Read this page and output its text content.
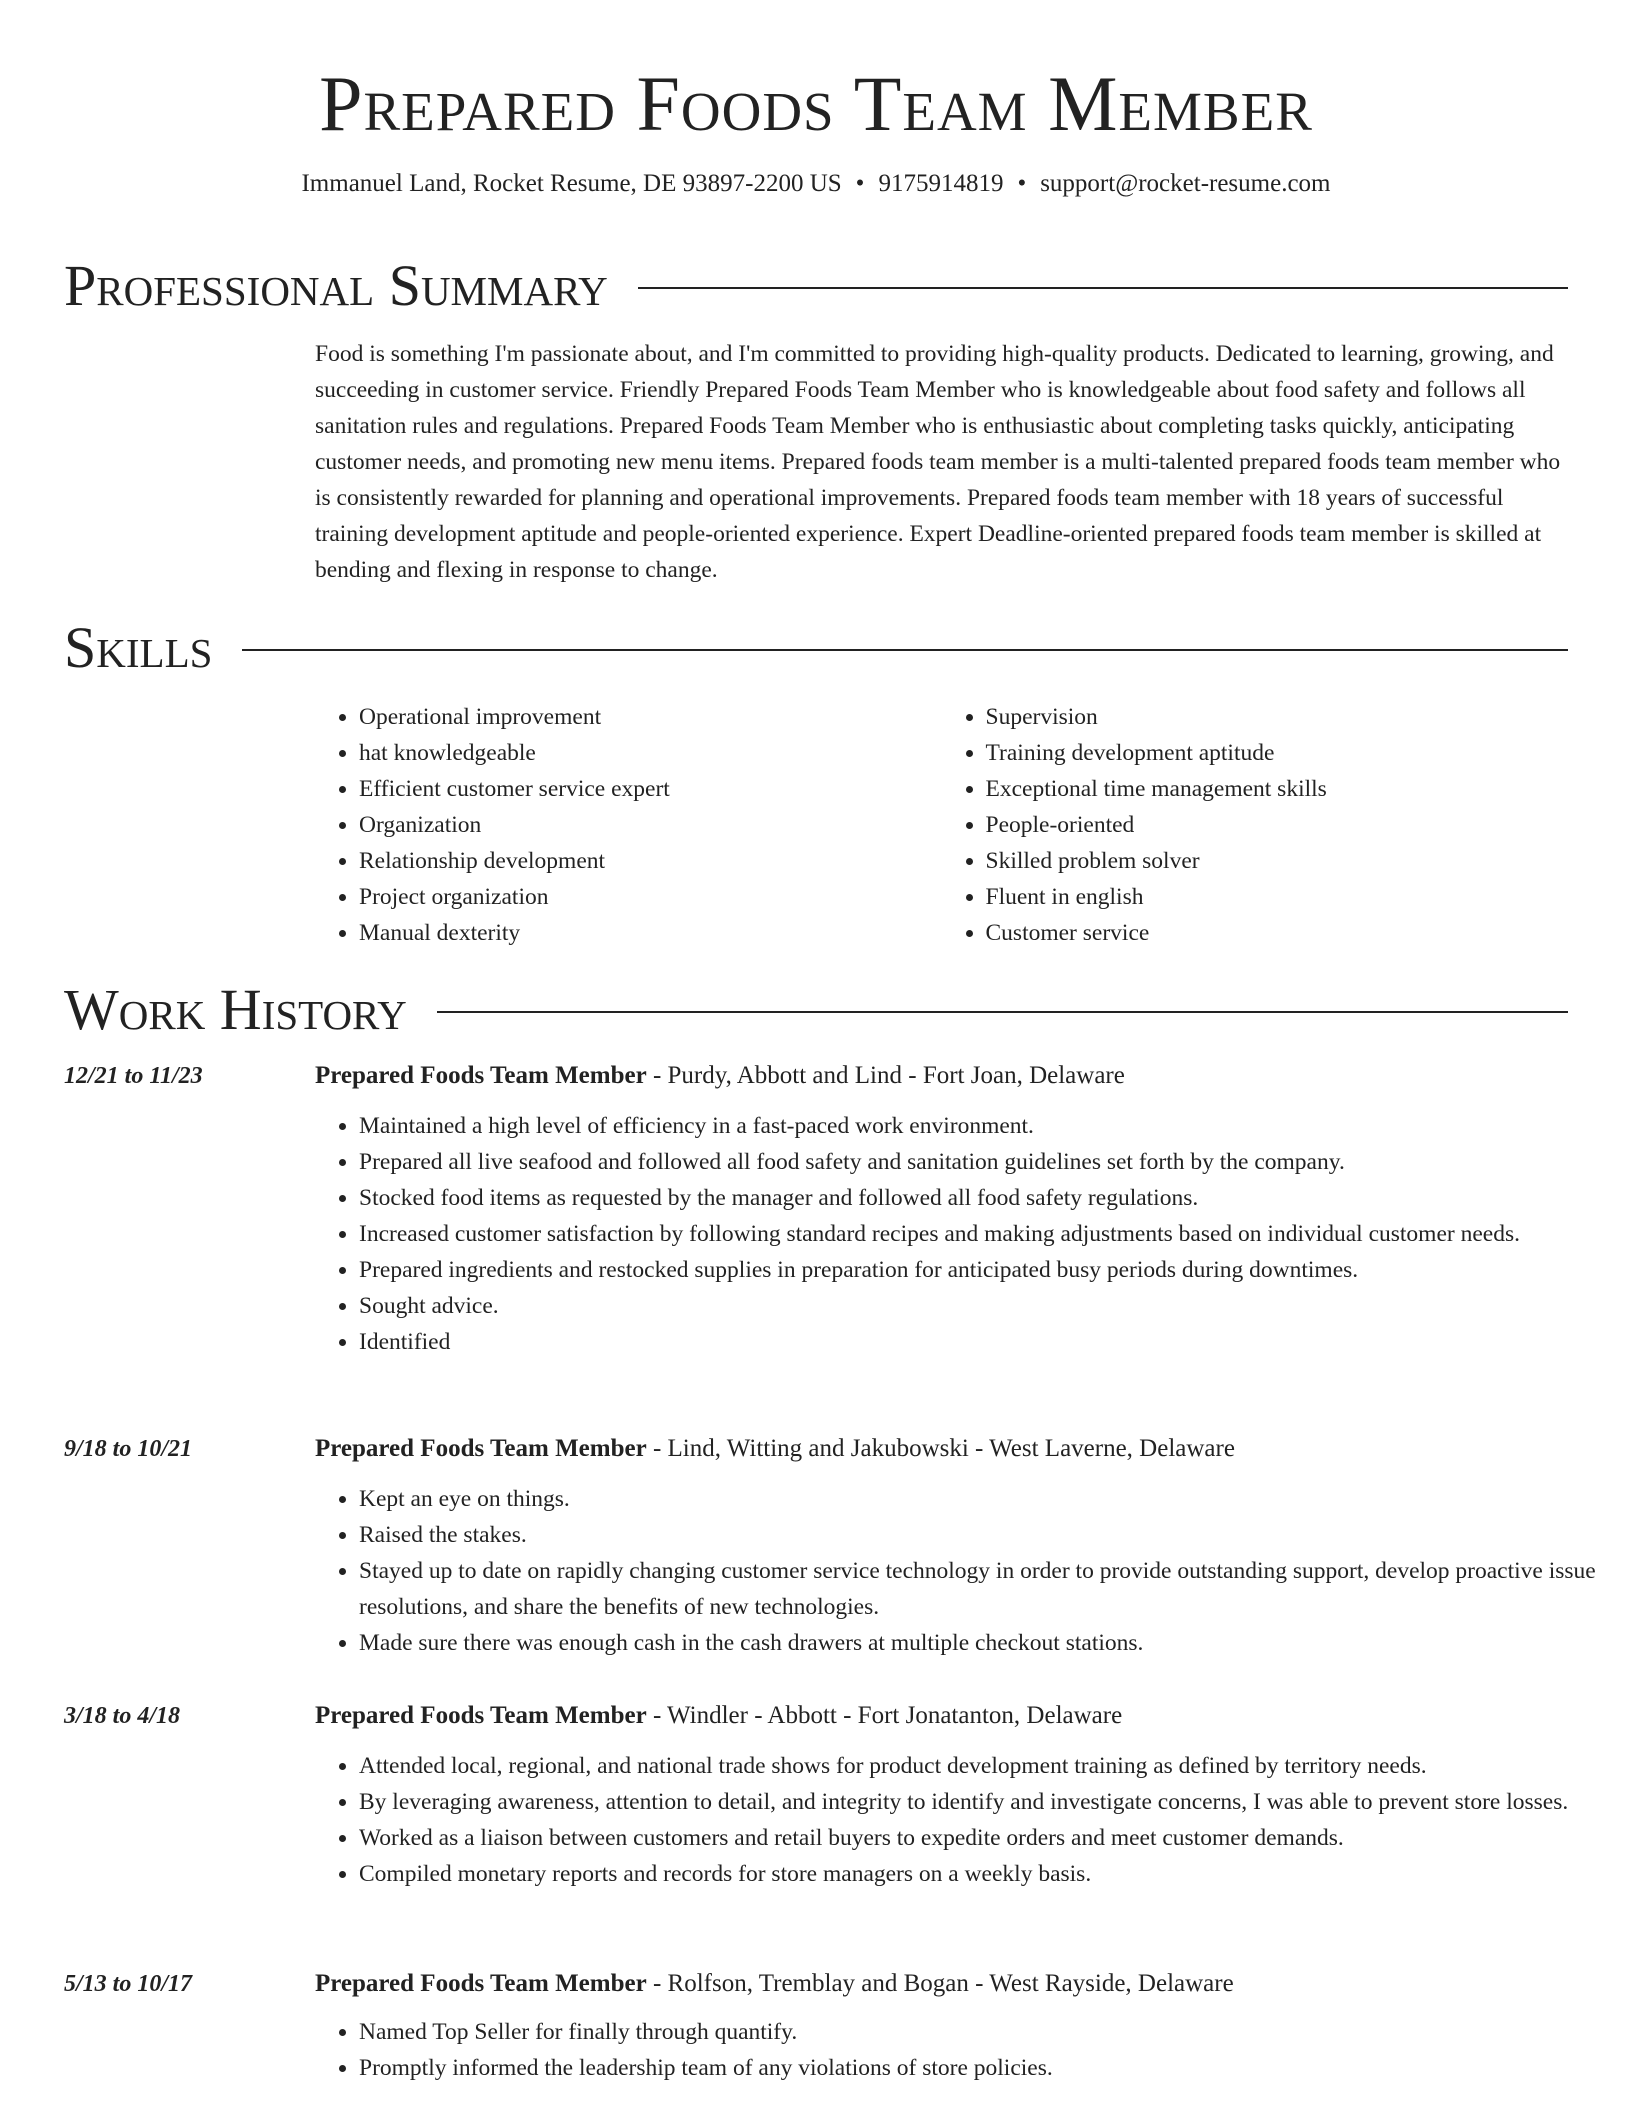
Prepared Foods Team Member
Immanuel Land, Rocket Resume, DE 93897-2200 US • 9175914819 • support@rocket-resume.com
Professional Summary

Food is something I'm passionate about, and I'm committed to providing high-quality products. Dedicated to learning, growing, and succeeding in customer service. Friendly Prepared Foods Team Member who is knowledgeable about food safety and follows all sanitation rules and regulations. Prepared Foods Team Member who is enthusiastic about completing tasks quickly, anticipating customer needs, and promoting new menu items. Prepared foods team member is a multi-talented prepared foods team member who is consistently rewarded for planning and operational improvements. Prepared foods team member with 18 years of successful training development aptitude and people-oriented experience. Expert Deadline-oriented prepared foods team member is skilled at bending and flexing in response to change.

Skills
• Operational improvement
• hat knowledgeable
• Efficient customer service expert
• Organization
• Relationship development
• Project organization
• Manual dexterity
• Supervision
• Training development aptitude
• Exceptional time management skills
• People-oriented
• Skilled problem solver
• Fluent in english
• Customer service
Work History
12/21 to 11/23	Prepared Foods Team Member - Purdy, Abbott and Lind - Fort Joan, Delaware
• Maintained a high level of efficiency in a fast-paced work environment.
• Prepared all live seafood and followed all food safety and sanitation guidelines set forth by the company.
• Stocked food items as requested by the manager and followed all food safety regulations.
• Increased customer satisfaction by following standard recipes and making adjustments based on individual customer needs.
• Prepared ingredients and restocked supplies in preparation for anticipated busy periods during downtimes.
• Sought advice.
• Identified
9/18 to 10/21	Prepared Foods Team Member - Lind, Witting and Jakubowski - West Laverne, Delaware
• Kept an eye on things.
• Raised the stakes.
• Stayed up to date on rapidly changing customer service technology in order to provide outstanding support, develop proactive issue resolutions, and share the benefits of new technologies.
• Made sure there was enough cash in the cash drawers at multiple checkout stations.
3/18 to 4/18	Prepared Foods Team Member - Windler - Abbott - Fort Jonatanton, Delaware
• Attended local, regional, and national trade shows for product development training as defined by territory needs.
• By leveraging awareness, attention to detail, and integrity to identify and investigate concerns, I was able to prevent store losses.
• Worked as a liaison between customers and retail buyers to expedite orders and meet customer demands.
• Compiled monetary reports and records for store managers on a weekly basis.
5/13 to 10/17	Prepared Foods Team Member - Rolfson, Tremblay and Bogan - West Rayside, Delaware
• Named Top Seller for finally through quantify.
• Promptly informed the leadership team of any violations of store policies.
